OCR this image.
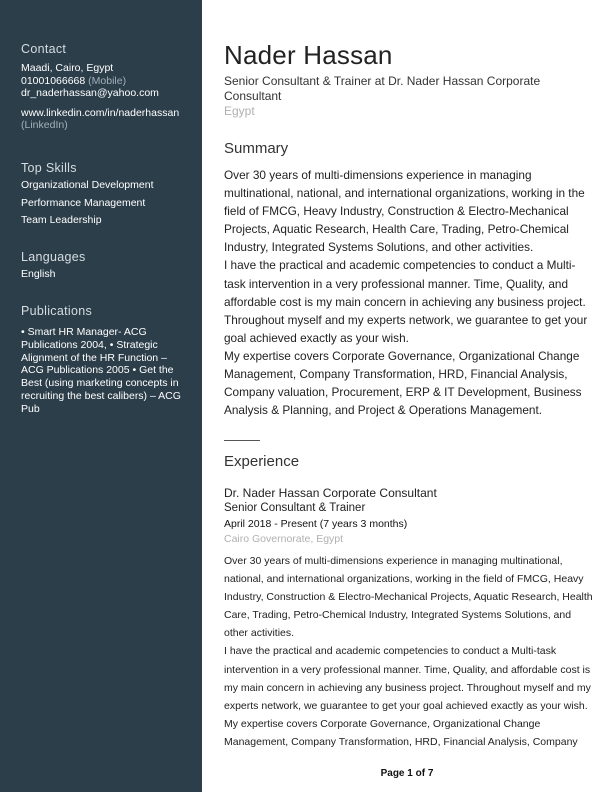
Contact
Maadi, Cairo, Egypt
01001066668 (Mobile)
dr_naderhassan@yahoo.com
www.linkedin.com/in/naderhassan
(LinkedIn)
Top Skills
Organizational Development
Performance Management
Team Leadership
Languages
English
Publications
• Smart HR Manager- ACG Publications 2004, • Strategic Alignment of the HR Function – ACG Publications 2005 • Get the Best (using marketing concepts in recruiting the best calibers) – ACG Pub
Nader Hassan
Senior Consultant & Trainer at Dr. Nader Hassan Corporate Consultant
Egypt
Summary

Over 30 years of multi-dimensions experience in managing multinational, national, and international organizations, working in the field of FMCG, Heavy Industry, Construction & Electro-Mechanical Projects, Aquatic Research, Health Care, Trading, Petro-Chemical Industry, Integrated Systems Solutions, and other activities.

I have the practical and academic competencies to conduct a Multi-task intervention in a very professional manner. Time, Quality, and affordable cost is my main concern in achieving any business project. Throughout myself and my experts network, we guarantee to get your goal achieved exactly as your wish.

My expertise covers Corporate Governance, Organizational Change Management, Company Transformation, HRD, Financial Analysis, Company valuation, Procurement, ERP & IT Development, Business Analysis & Planning, and Project & Operations Management.

Experience
Dr. Nader Hassan Corporate Consultant
Senior Consultant & Trainer
April 2018 - Present (7 years 3 months)
Cairo Governorate, Egypt

Over 30 years of multi-dimensions experience in managing multinational, national, and international organizations, working in the field of FMCG, Heavy Industry, Construction & Electro-Mechanical Projects, Aquatic Research, Health Care, Trading, Petro-Chemical Industry, Integrated Systems Solutions, and other activities.

I have the practical and academic competencies to conduct a Multi-task intervention in a very professional manner. Time, Quality, and affordable cost is my main concern in achieving any business project. Throughout myself and my experts network, we guarantee to get your goal achieved exactly as your wish.

My expertise covers Corporate Governance, Organizational Change Management, Company Transformation, HRD, Financial Analysis, Company

Page 1 of 7
